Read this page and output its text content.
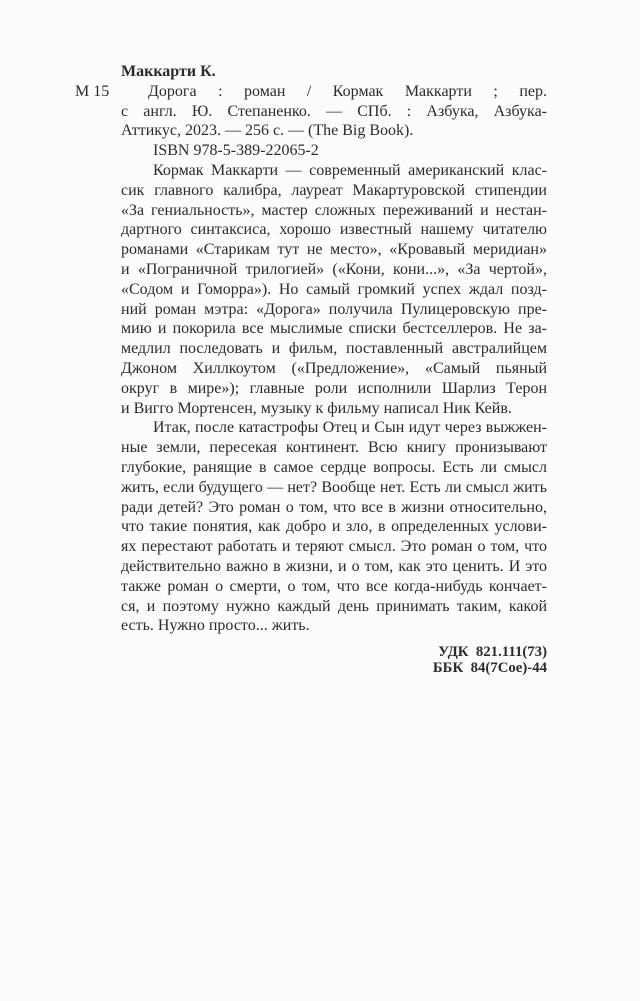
Маккарти К.
М 15	Дорога : роман / Кормак Маккарти ; пер.
с англ. Ю. Степаненко. — СПб. : Азбука, Азбука-
Аттикус, 2023. — 256 с. — (The Big Book).
ISBN 978-5-389-22065-2
Кормак Маккарти — современный американский клас-
сик главного калибра, лауреат Макартуровской стипендии
«За гениальность», мастер сложных переживаний и нестан-
дартного синтаксиса, хорошо известный нашему читателю
романами «Старикам тут не место», «Кровавый меридиан»
и «Пограничной трилогией» («Кони, кони...», «За чертой»,
«Содом и Гоморра»). Но самый громкий успех ждал позд-
ний роман мэтра: «Дорога» получила Пулицеровскую пре-
мию и покорила все мыслимые списки бестселлеров. Не за-
медлил последовать и фильм, поставленный австралийцем
Джоном Хиллкоутом («Предложение», «Самый пьяный
округ в мире»); главные роли исполнили Шарлиз Терон
и Вигго Мортенсен, музыку к фильму написал Ник Кейв.
Итак, после катастрофы Отец и Сын идут через выжжен-
ные земли, пересекая континент. Всю книгу пронизывают
глубокие, ранящие в самое сердце вопросы. Есть ли смысл
жить, если будущего — нет? Вообще нет. Есть ли смысл жить
ради детей? Это роман о том, что все в жизни относительно,
что такие понятия, как добро и зло, в определенных услови-
ях перестают работать и теряют смысл. Это роман о том, что
действительно важно в жизни, и о том, как это ценить. И это
также роман о смерти, о том, что все когда-нибудь кончает-
ся, и поэтому нужно каждый день принимать таким, какой
есть. Нужно просто... жить.
УДК  821.111(73)
ББК  84(7Сое)-44
